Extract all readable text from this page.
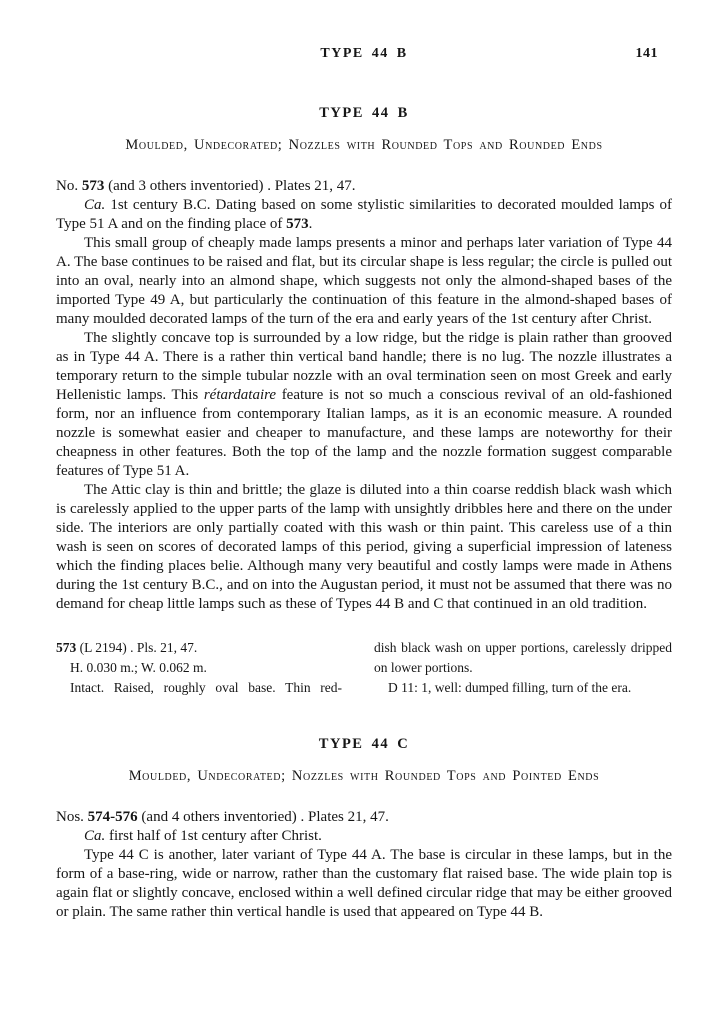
TYPE 44 B	141
TYPE 44 B
Moulded, Undecorated; Nozzles with Rounded Tops and Rounded Ends

No. 573 (and 3 others inventoried) . Plates 21, 47.

Ca. 1st century B.C. Dating based on some stylistic similarities to decorated moulded lamps of Type 51 A and on the finding place of 573.

This small group of cheaply made lamps presents a minor and perhaps later variation of Type 44 A. The base continues to be raised and flat, but its circular shape is less regular; the circle is pulled out into an oval, nearly into an almond shape, which suggests not only the almond-shaped bases of the imported Type 49 A, but particularly the continuation of this feature in the almond-shaped bases of many moulded decorated lamps of the turn of the era and early years of the 1st century after Christ.

The slightly concave top is surrounded by a low ridge, but the ridge is plain rather than grooved as in Type 44 A. There is a rather thin vertical band handle; there is no lug. The nozzle illustrates a temporary return to the simple tubular nozzle with an oval termination seen on most Greek and early Hellenistic lamps. This rétardataire feature is not so much a conscious revival of an old-fashioned form, nor an influence from contemporary Italian lamps, as it is an economic measure. A rounded nozzle is somewhat easier and cheaper to manufacture, and these lamps are noteworthy for their cheapness in other features. Both the top of the lamp and the nozzle formation suggest comparable features of Type 51 A.

The Attic clay is thin and brittle; the glaze is diluted into a thin coarse reddish black wash which is carelessly applied to the upper parts of the lamp with unsightly dribbles here and there on the under side. The interiors are only partially coated with this wash or thin paint. This careless use of a thin wash is seen on scores of decorated lamps of this period, giving a superficial impression of lateness which the finding places belie. Although many very beautiful and costly lamps were made in Athens during the 1st century B.C., and on into the Augustan period, it must not be assumed that there was no demand for cheap little lamps such as these of Types 44 B and C that continued in an old tradition.

573 (L 2194) . Pls. 21, 47.

H. 0.030 m.; W. 0.062 m.

Intact. Raised, roughly oval base. Thin red-

dish black wash on upper portions, carelessly dripped on lower portions.

D 11: 1, well: dumped filling, turn of the era.

TYPE 44 C
Moulded, Undecorated; Nozzles with Rounded Tops and Pointed Ends

Nos. 574-576 (and 4 others inventoried) . Plates 21, 47.

Ca. first half of 1st century after Christ.

Type 44 C is another, later variant of Type 44 A. The base is circular in these lamps, but in the form of a base-ring, wide or narrow, rather than the customary flat raised base. The wide plain top is again flat or slightly concave, enclosed within a well defined circular ridge that may be either grooved or plain. The same rather thin vertical handle is used that appeared on Type 44 B.
